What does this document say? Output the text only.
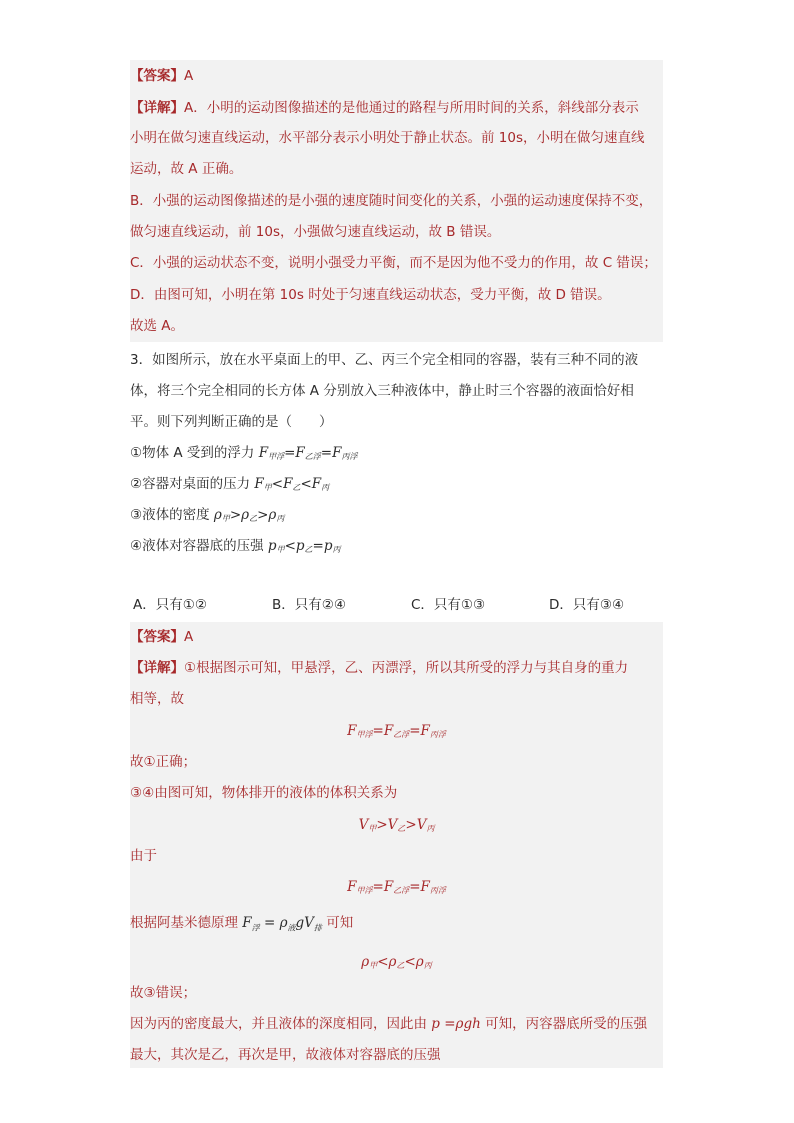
【答案】A
【详解】A．小明的运动图像描述的是他通过的路程与所用时间的关系，斜线部分表示
小明在做匀速直线运动，水平部分表示小明处于静止状态。前 10s，小明在做匀速直线
运动，故 A 正确。
B．小强的运动图像描述的是小强的速度随时间变化的关系，小强的运动速度保持不变，
做匀速直线运动，前 10s，小强做匀速直线运动，故 B 错误。
C．小强的运动状态不变，说明小强受力平衡，而不是因为他不受力的作用，故 C 错误；
D．由图可知，小明在第 10s 时处于匀速直线运动状态，受力平衡，故 D 错误。
故选 A。
3．如图所示，放在水平桌面上的甲、乙、丙三个完全相同的容器，装有三种不同的液
体，将三个完全相同的长方体 A 分别放入三种液体中，静止时三个容器的液面恰好相
平。则下列判断正确的是（　　）
①物体 A 受到的浮力 $F_{甲浮}=F_{乙浮}=F_{丙浮}$
②容器对桌面的压力 $F_甲<F_乙<F_丙$
③液体的密度 $\rho_甲>\rho_乙>\rho_丙$
④液体对容器底的压强 $p_甲<p_乙=p_丙$
A．只有①②	B．只有②④	C．只有①③	D．只有③④
【答案】A
【详解】①根据图示可知，甲悬浮，乙、丙漂浮，所以其所受的浮力与其自身的重力
相等，故
$F_{甲浮}=F_{乙浮}=F_{丙浮}$
故①正确；
③④由图可知，物体排开的液体的体积关系为
$V_甲>V_乙>V_丙$
由于
$F_{甲浮}=F_{乙浮}=F_{丙浮}$
根据阿基米德原理 $F_浮 = \rho_液gV_排$ 可知
$\rho_甲<\rho_乙<\rho_丙$
故③错误；
因为丙的密度最大，并且液体的深度相同，因此由 p =ρgh 可知，丙容器底所受的压强
最大，其次是乙，再次是甲，故液体对容器底的压强
